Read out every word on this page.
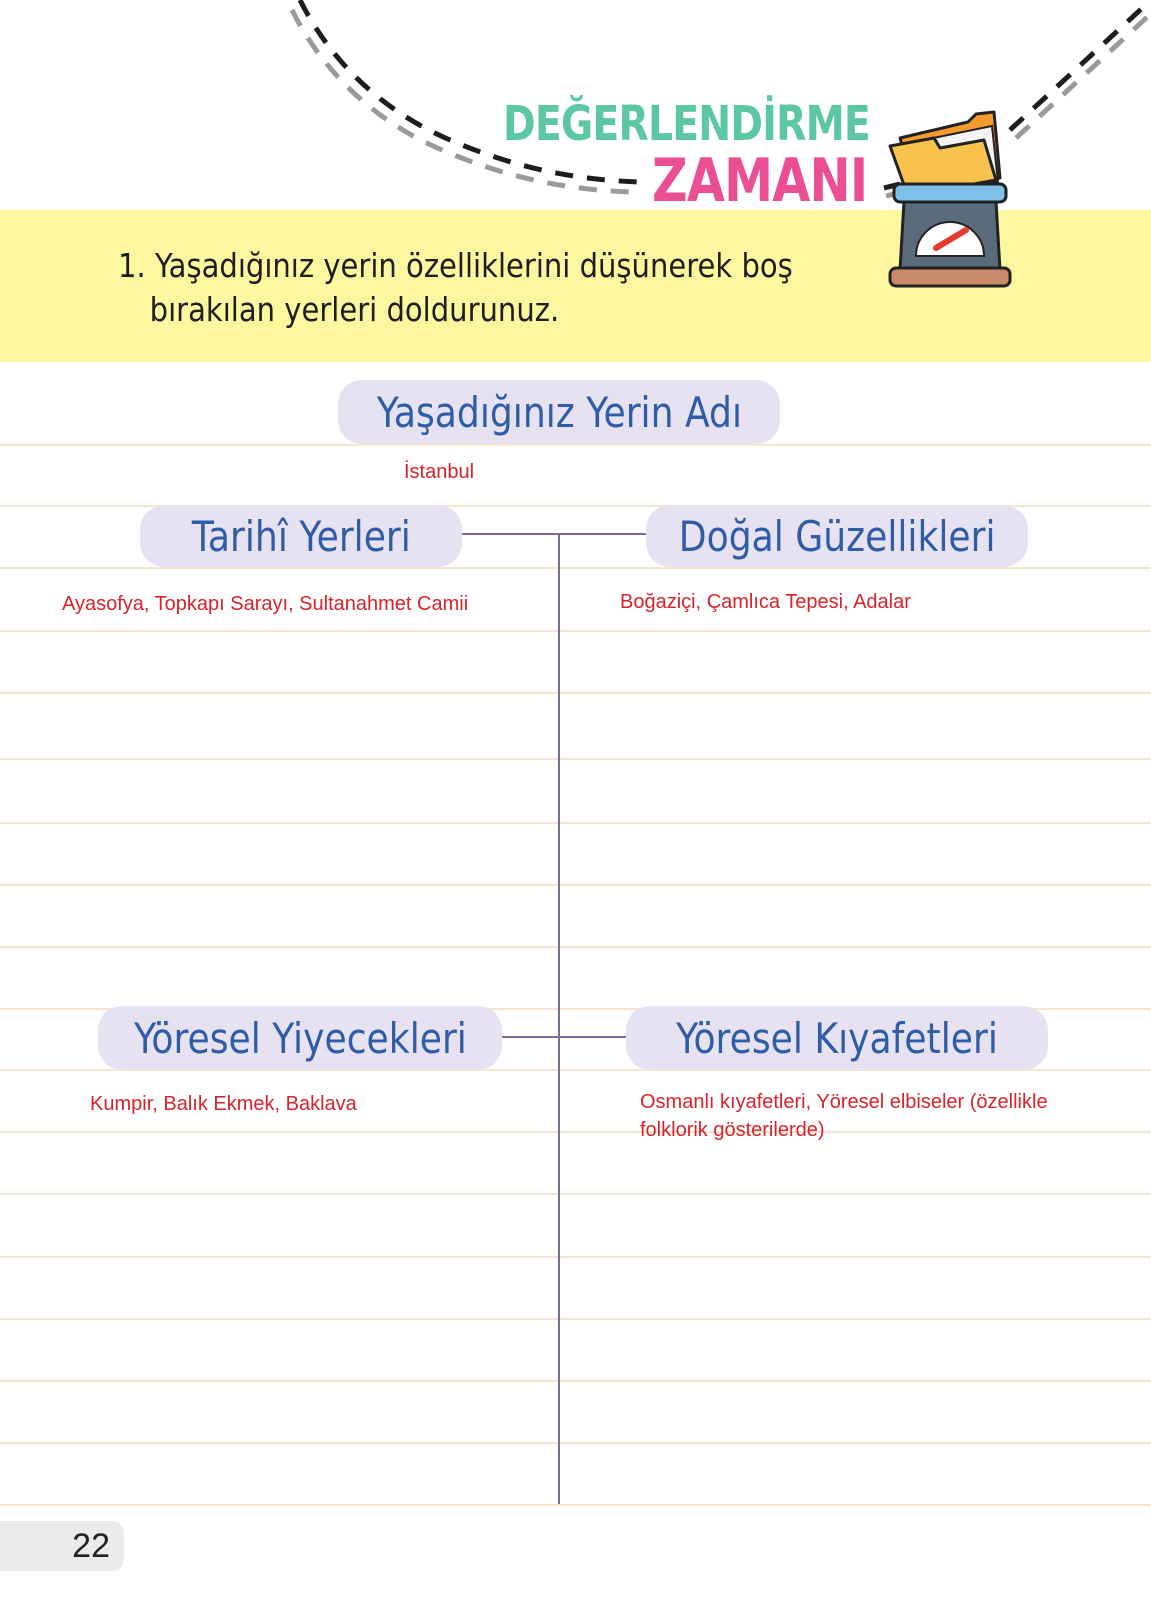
DEĞERLENDİRME
ZAMANI
1. Yaşadığınız yerin özelliklerini düşünerek boş
bırakılan yerleri doldurunuz.
Yaşadığınız Yerin Adı
İstanbul
Tarihî Yerleri
Ayasofya, Topkapı Sarayı, Sultanahmet Camii
Doğal Güzellikleri
Boğaziçi, Çamlıca Tepesi, Adalar
Yöresel Yiyecekleri
Kumpir, Balık Ekmek, Baklava
Yöresel Kıyafetleri
Osmanlı kıyafetleri, Yöresel elbiseler (özellikle folklorik gösterilerde)
22
